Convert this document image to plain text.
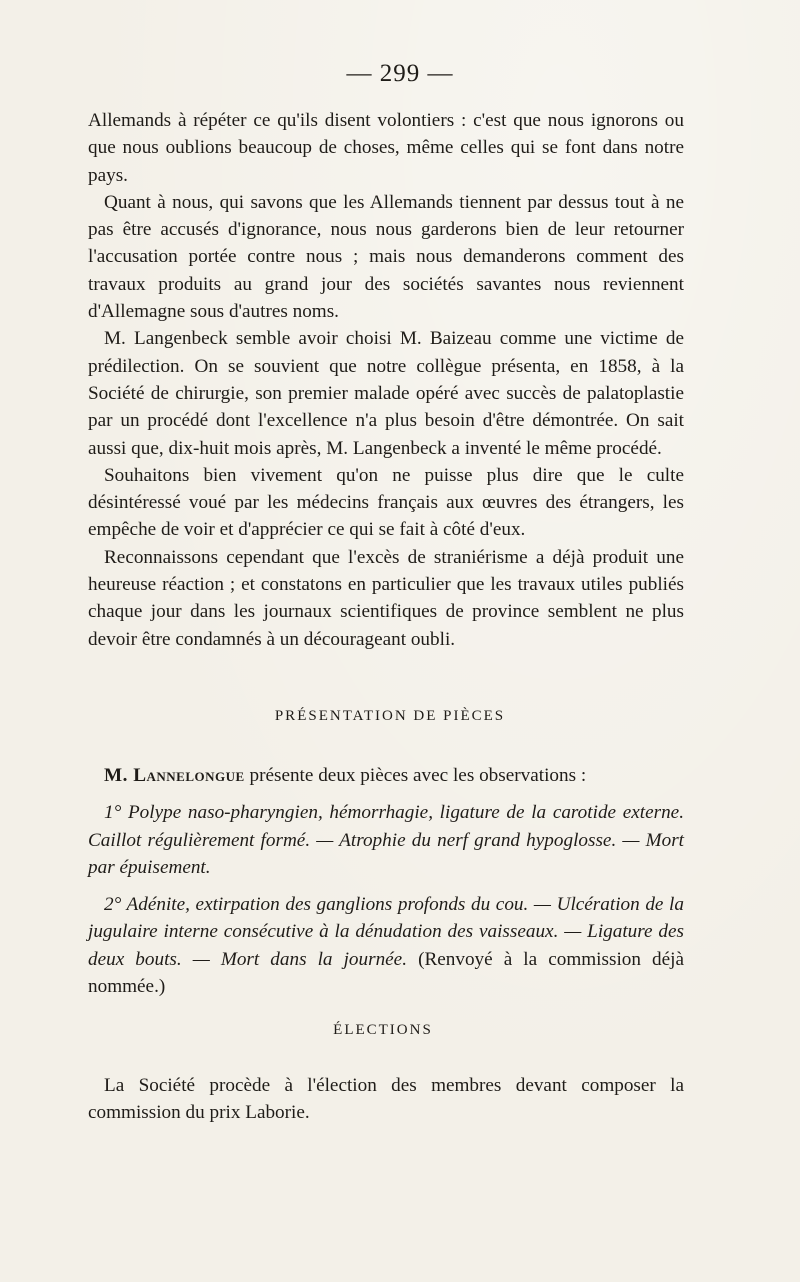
— 299 —

Allemands à répéter ce qu'ils disent volontiers : c'est que nous ignorons ou que nous oublions beaucoup de choses, même celles qui se font dans notre pays.

Quant à nous, qui savons que les Allemands tiennent par dessus tout à ne pas être accusés d'ignorance, nous nous garderons bien de leur retourner l'accusation portée contre nous ; mais nous demanderons comment des travaux produits au grand jour des sociétés savantes nous reviennent d'Allemagne sous d'autres noms.

M. Langenbeck semble avoir choisi M. Baizeau comme une victime de prédilection. On se souvient que notre collègue présenta, en 1858, à la Société de chirurgie, son premier malade opéré avec succès de palatoplastie par un procédé dont l'excellence n'a plus besoin d'être démontrée. On sait aussi que, dix-huit mois après, M. Langenbeck a inventé le même procédé.

Souhaitons bien vivement qu'on ne puisse plus dire que le culte désintéressé voué par les médecins français aux œuvres des étrangers, les empêche de voir et d'apprécier ce qui se fait à côté d'eux.

Reconnaissons cependant que l'excès de straniérisme a déjà produit une heureuse réaction ; et constatons en particulier que les travaux utiles publiés chaque jour dans les journaux scientifiques de province semblent ne plus devoir être condamnés à un décourageant oubli.

PRÉSENTATION DE PIÈCES

M. Lannelongue présente deux pièces avec les observations :

1° Polype naso-pharyngien, hémorrhagie, ligature de la carotide externe. Caillot régulièrement formé. — Atrophie du nerf grand hypoglosse. — Mort par épuisement.

2° Adénite, extirpation des ganglions profonds du cou. — Ulcération de la jugulaire interne consécutive à la dénudation des vaisseaux. — Ligature des deux bouts. — Mort dans la journée. (Renvoyé à la commission déjà nommée.)

ÉLECTIONS

La Société procède à l'élection des membres devant composer la commission du prix Laborie.
